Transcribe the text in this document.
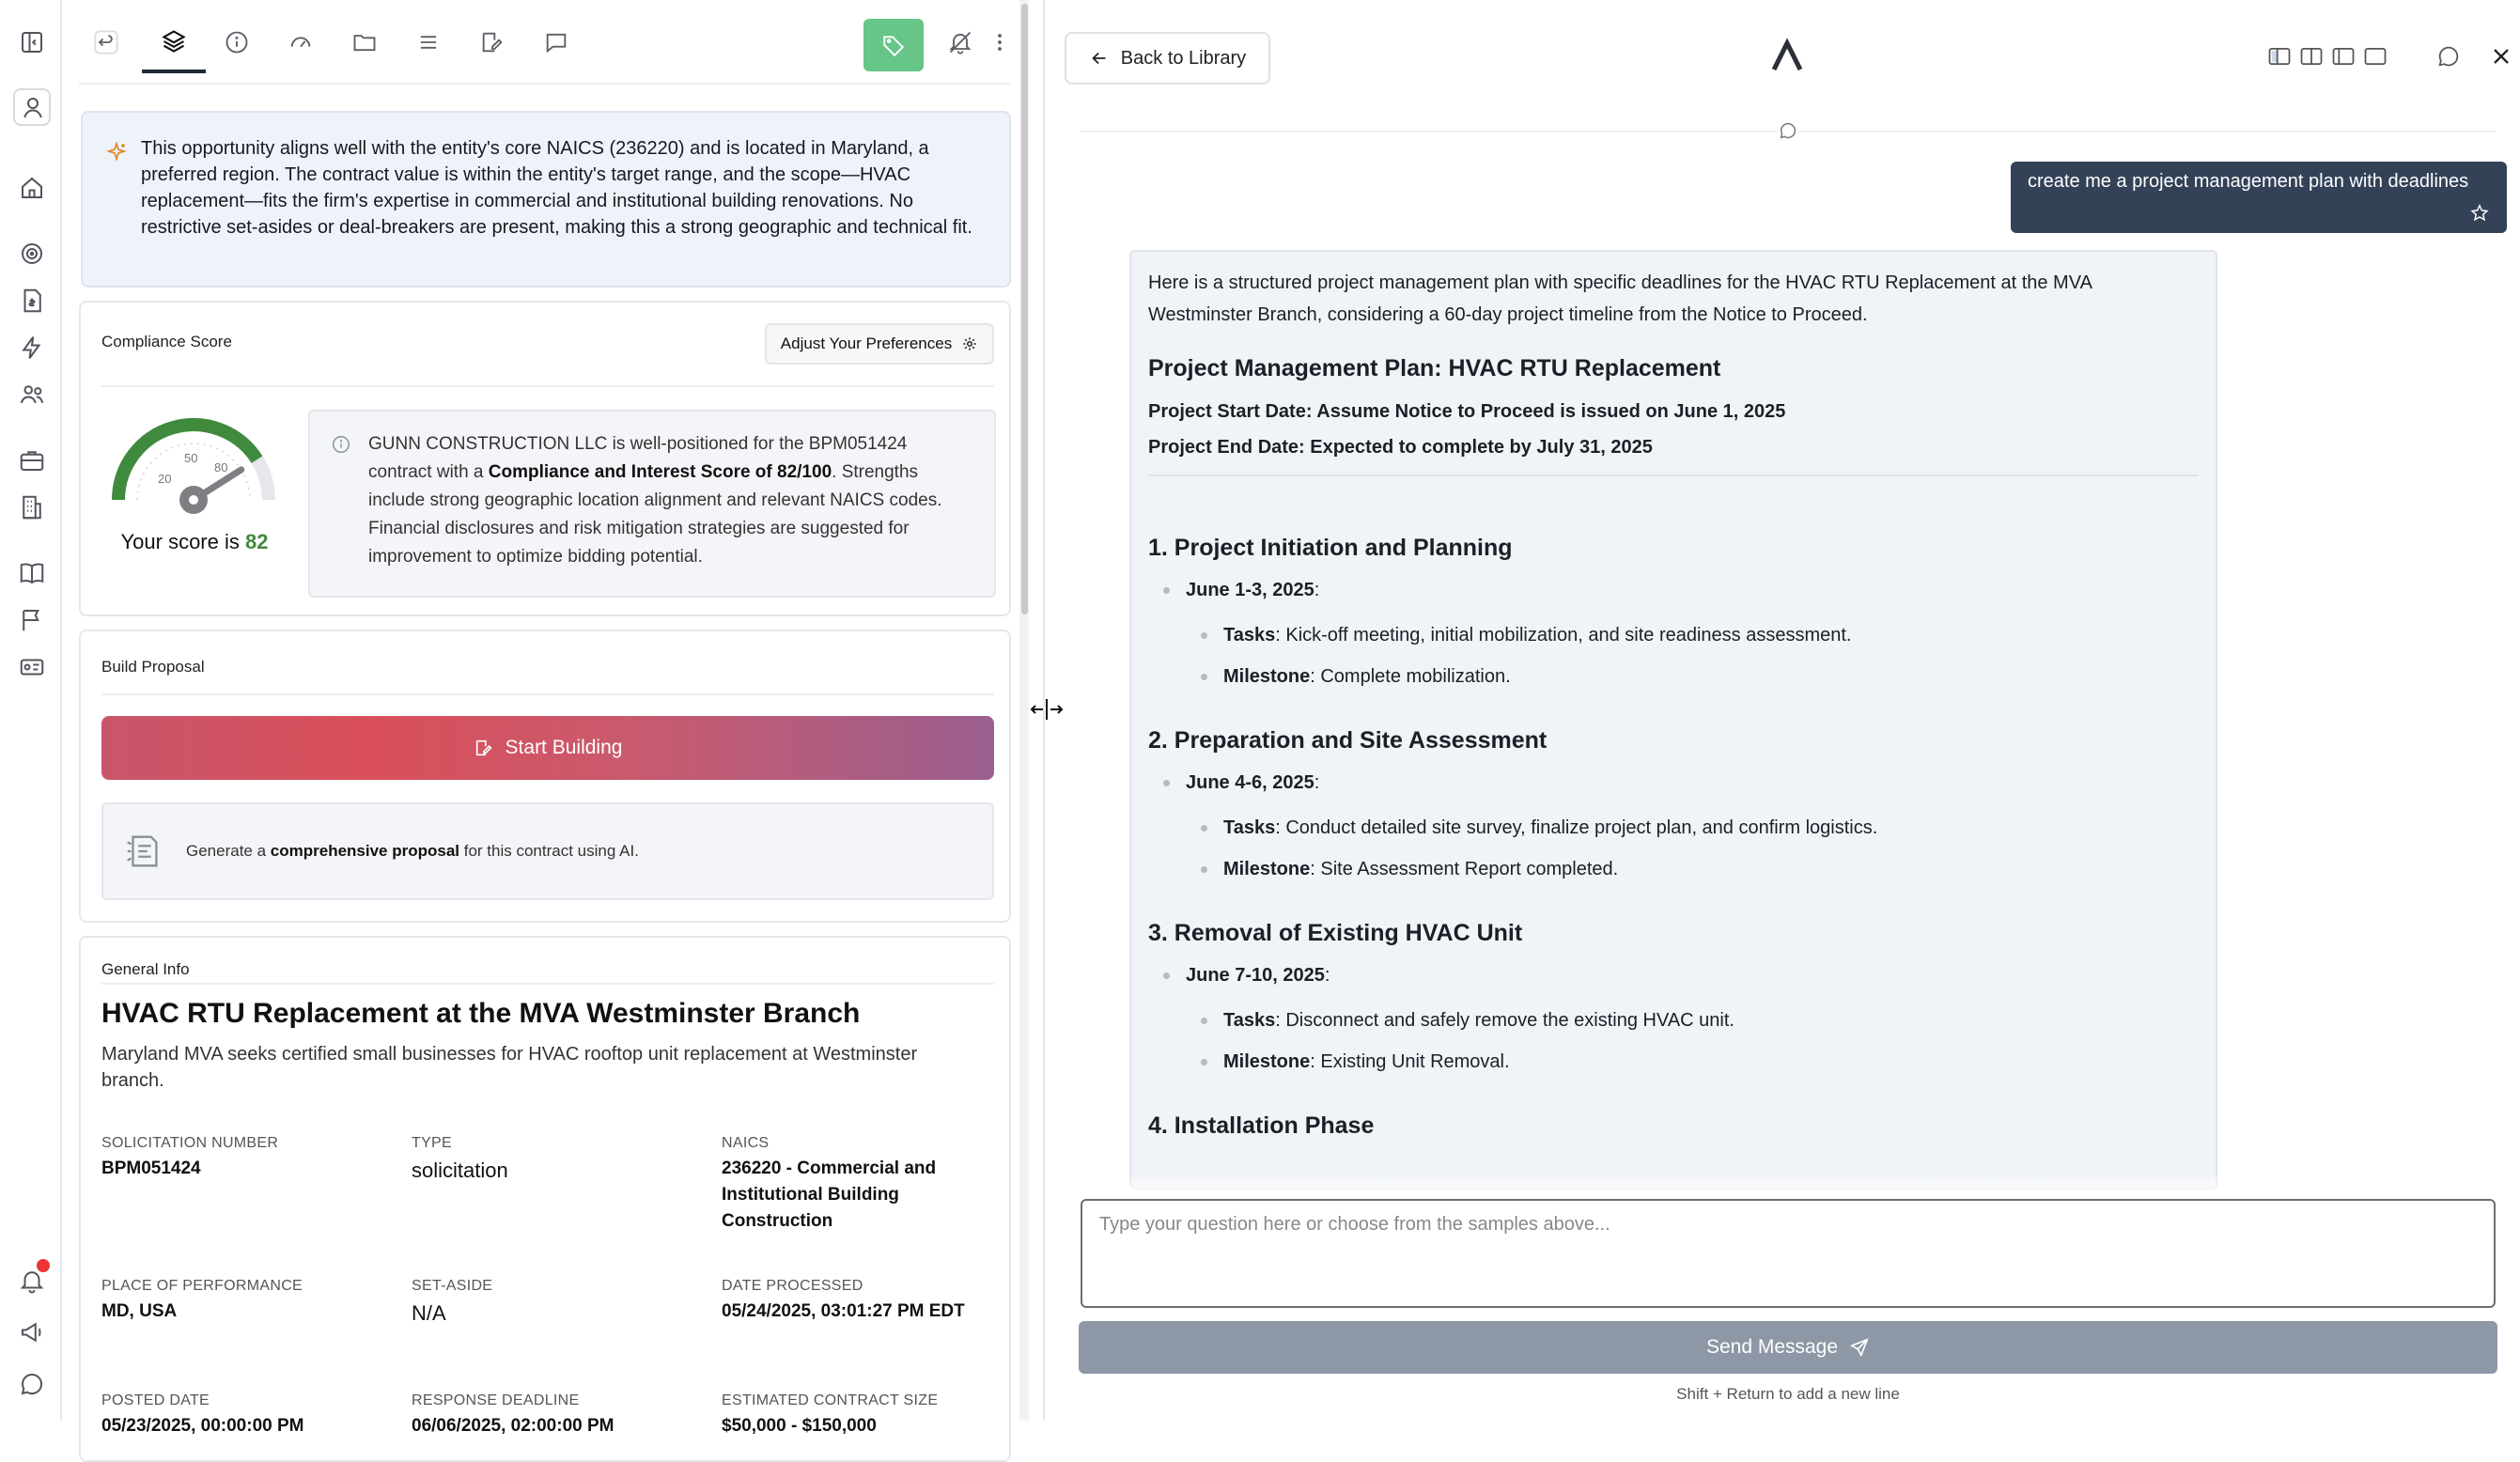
This opportunity aligns well with the entity's core NAICS (236220) and is located in Maryland, a preferred region. The contract value is within the entity's target range, and the scope—HVAC replacement—fits the firm's expertise in commercial and institutional building renovations. No restrictive set-asides or deal-breakers are present, making this a strong geographic and technical fit.
Compliance Score	Adjust Your Preferences
20
50
80
Your score is 82
GUNN CONSTRUCTION LLC is well-positioned for the BPM051424 contract with a Compliance and Interest Score of 82/100. Strengths include strong geographic location alignment and relevant NAICS codes. Financial disclosures and risk mitigation strategies are suggested for improvement to optimize bidding potential.
Build Proposal
Start Building
Generate a comprehensive proposal for this contract using AI.
General Info
HVAC RTU Replacement at the MVA Westminster Branch
Maryland MVA seeks certified small businesses for HVAC rooftop unit replacement at Westminster branch.
SOLICITATION NUMBER
BPM051424
TYPE
solicitation
NAICS
236220 - Commercial and Institutional Building Construction
PLACE OF PERFORMANCE
MD, USA
SET-ASIDE
N/A
DATE PROCESSED
05/24/2025, 03:01:27 PM EDT
POSTED DATE
05/23/2025, 00:00:00 PM
RESPONSE DEADLINE
06/06/2025, 02:00:00 PM
ESTIMATED CONTRACT SIZE
$50,000 - $150,000
Back to Library
create me a project management plan with deadlines

Here is a structured project management plan with specific deadlines for the HVAC RTU Replacement at the MVA Westminster Branch, considering a 60-day project timeline from the Notice to Proceed.

Project Management Plan: HVAC RTU Replacement
Project Start Date: Assume Notice to Proceed is issued on June 1, 2025
Project End Date: Expected to complete by July 31, 2025
1. Project Initiation and Planning
June 1-3, 2025:
Tasks: Kick-off meeting, initial mobilization, and site readiness assessment.
Milestone: Complete mobilization.
2. Preparation and Site Assessment
June 4-6, 2025:
Tasks: Conduct detailed site survey, finalize project plan, and confirm logistics.
Milestone: Site Assessment Report completed.
3. Removal of Existing HVAC Unit
June 7-10, 2025:
Tasks: Disconnect and safely remove the existing HVAC unit.
Milestone: Existing Unit Removal.
4. Installation Phase
Type your question here or choose from the samples above...
Send Message
Shift + Return to add a new line
